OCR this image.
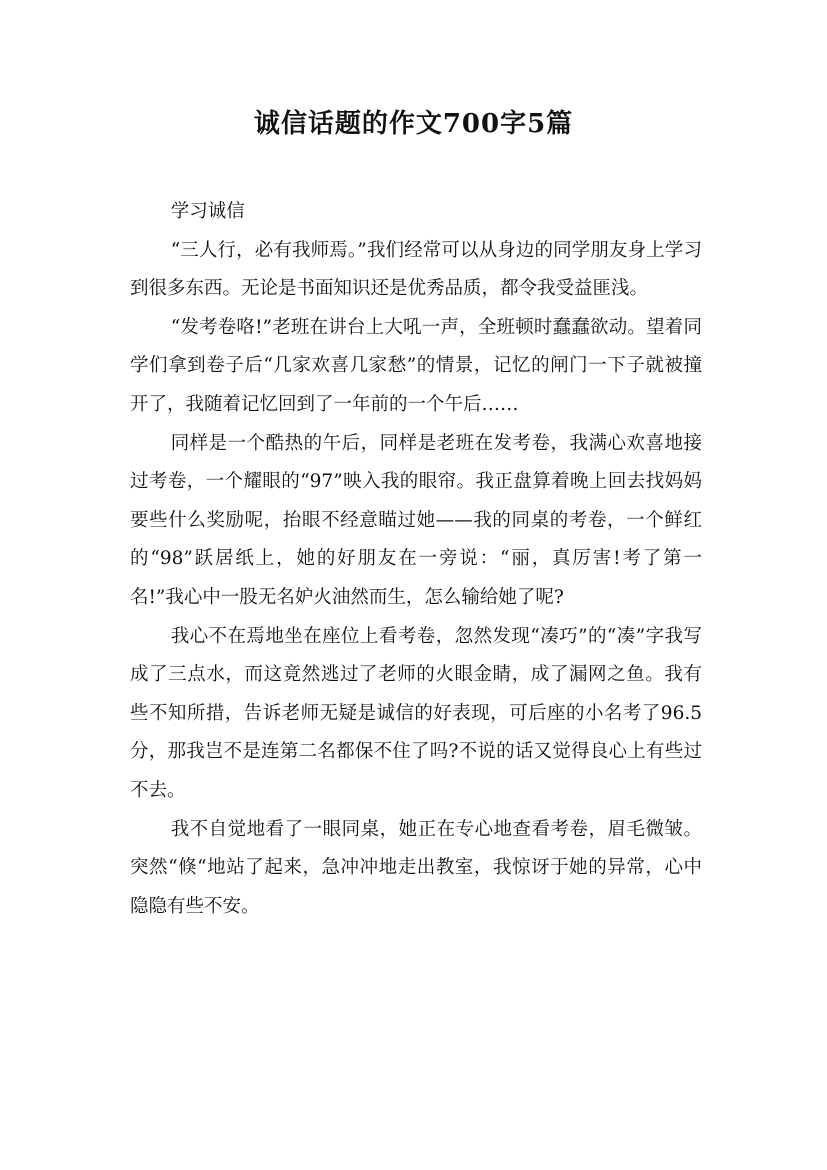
诚信话题的作文700字5篇

学习诚信

“三人行，必有我师焉。”我们经常可以从身边的同学朋友身上学习到很多东西。无论是书面知识还是优秀品质，都令我受益匪浅。

“发考卷咯!”老班在讲台上大吼一声，全班顿时蠢蠢欲动。望着同学们拿到卷子后“几家欢喜几家愁”的情景，记忆的闸门一下子就被撞开了，我随着记忆回到了一年前的一个午后……

同样是一个酷热的午后，同样是老班在发考卷，我满心欢喜地接过考卷，一个耀眼的“97”映入我的眼帘。我正盘算着晚上回去找妈妈要些什么奖励呢，抬眼不经意瞄过她——我的同桌的考卷，一个鲜红的“98”跃居纸上，她的好朋友在一旁说：“丽，真厉害!考了第一名!”我心中一股无名妒火油然而生，怎么输给她了呢?

我心不在焉地坐在座位上看考卷，忽然发现“凑巧”的“凑”字我写成了三点水，而这竟然逃过了老师的火眼金睛，成了漏网之鱼。我有些不知所措，告诉老师无疑是诚信的好表现，可后座的小名考了96.5分，那我岂不是连第二名都保不住了吗?不说的话又觉得良心上有些过不去。

我不自觉地看了一眼同桌，她正在专心地查看考卷，眉毛微皱。突然“倏“地站了起来，急冲冲地走出教室，我惊讶于她的异常，心中隐隐有些不安。
